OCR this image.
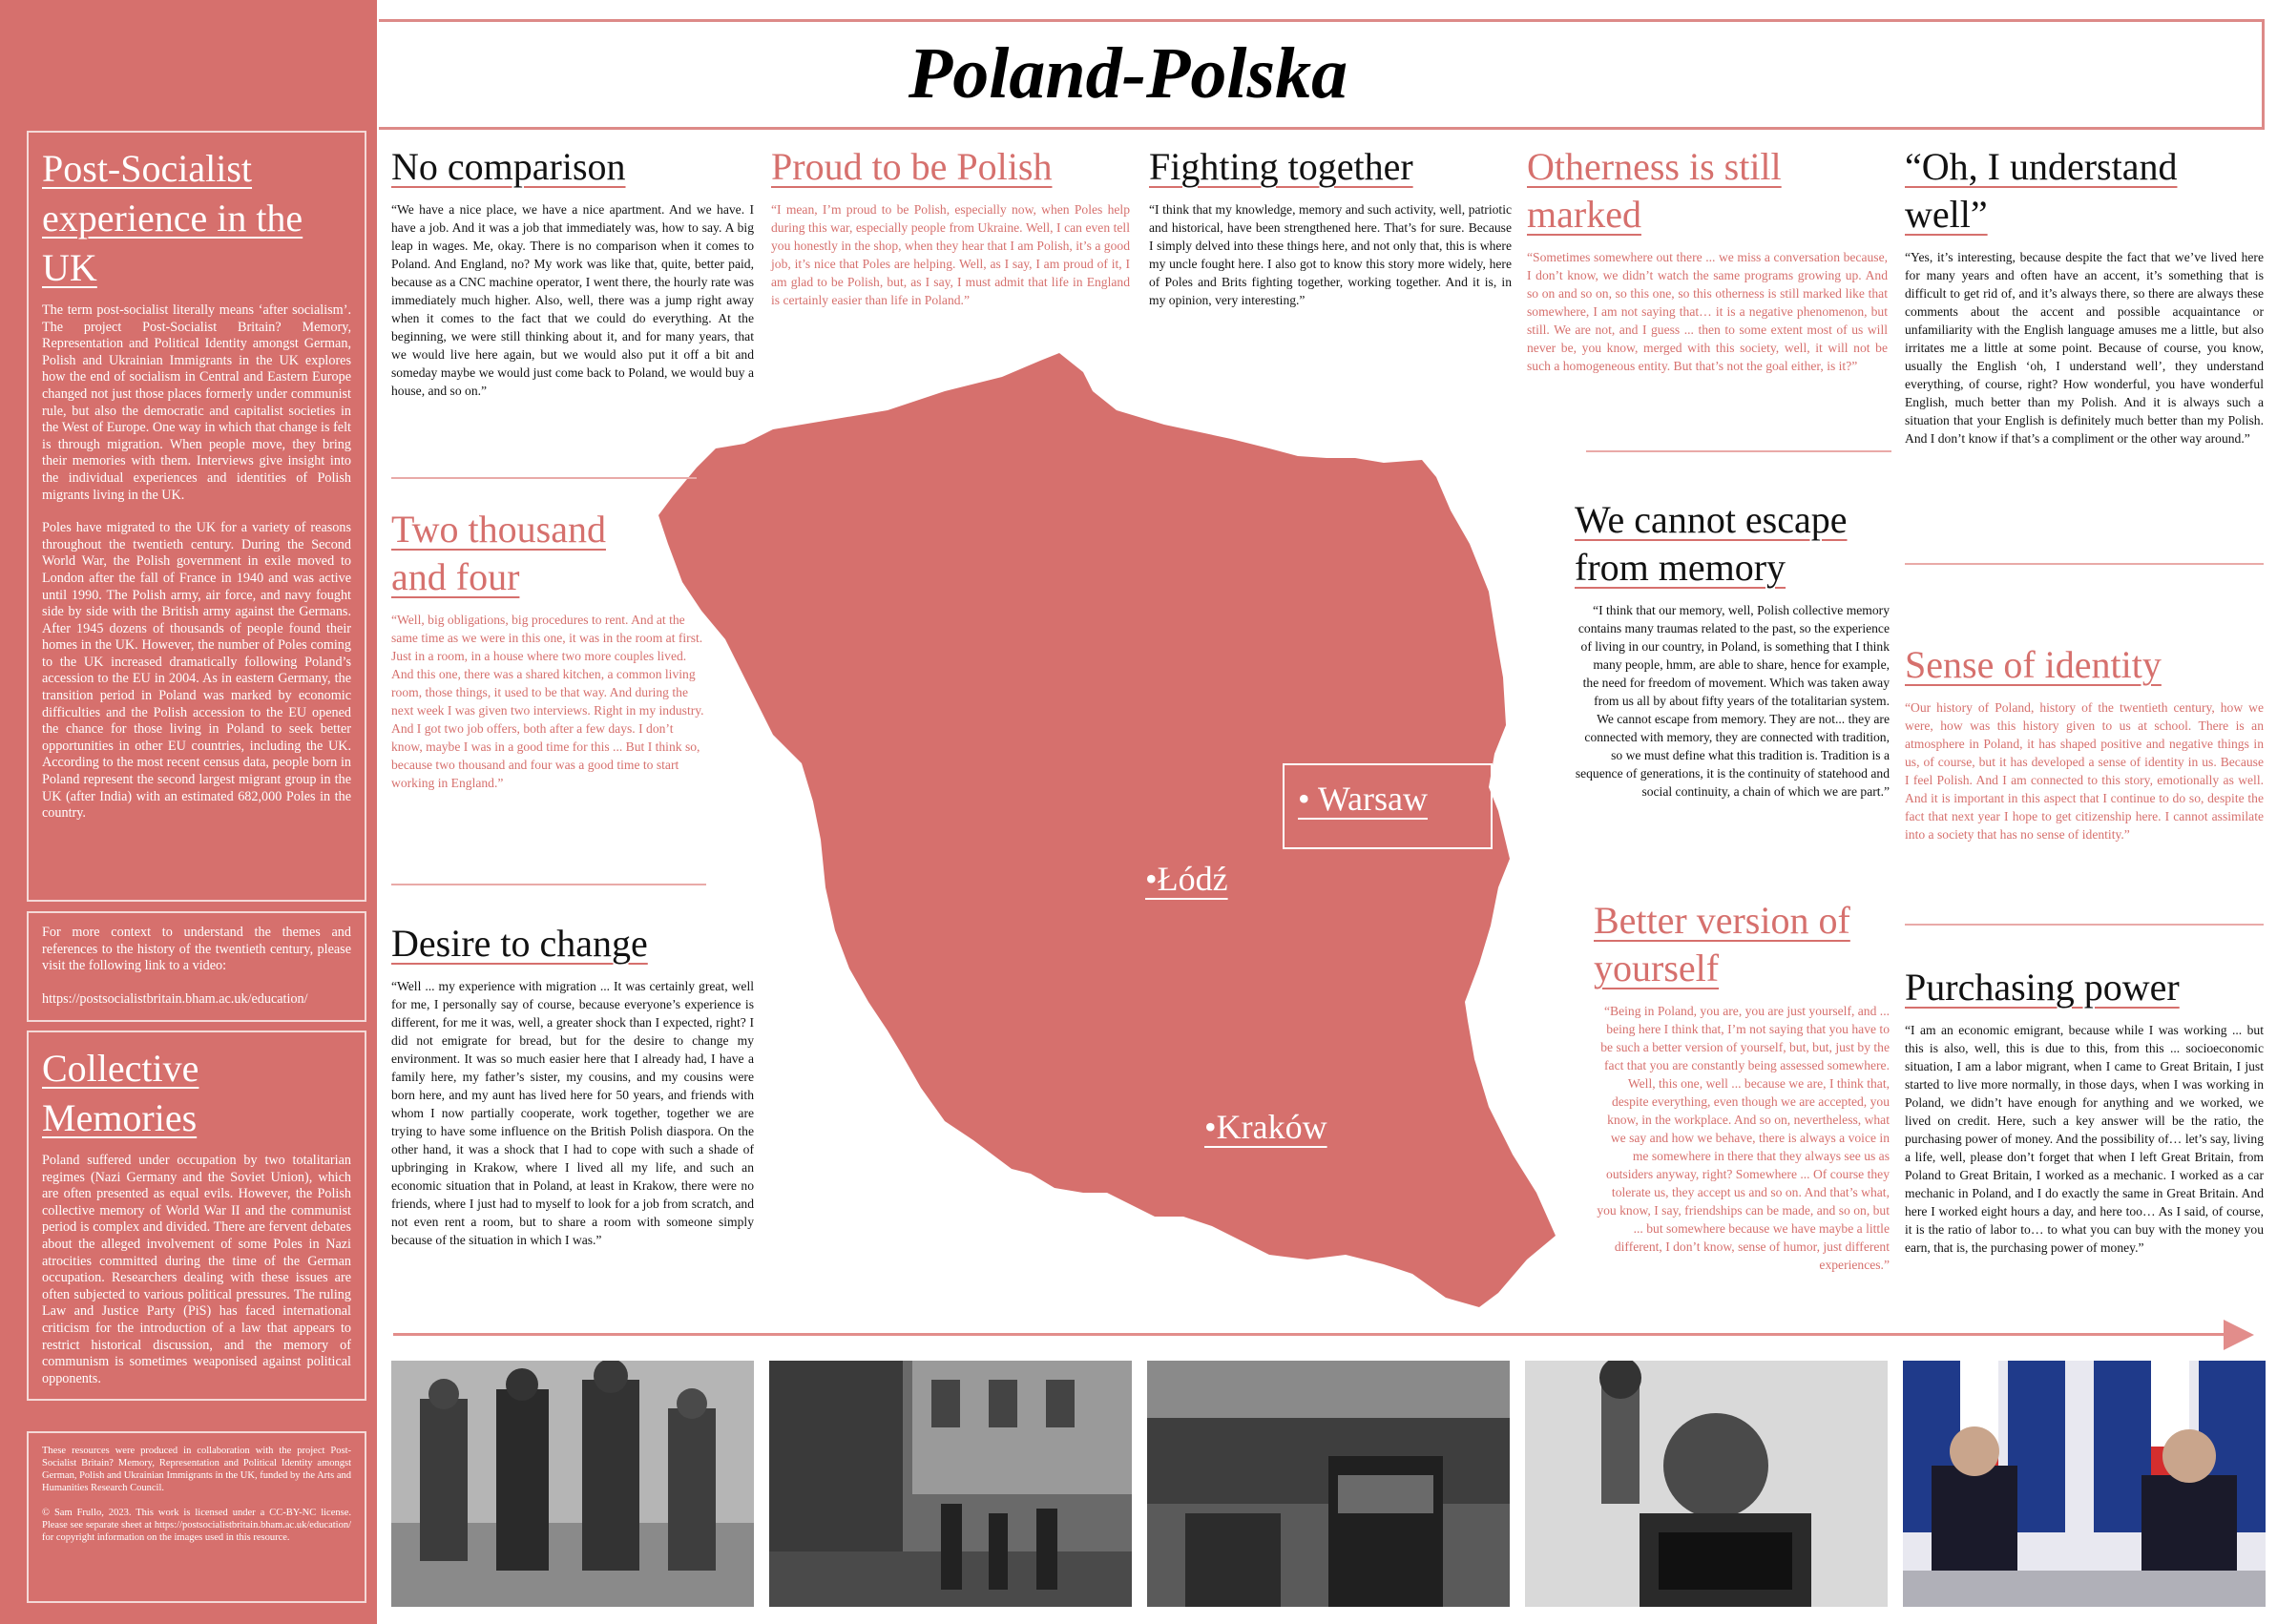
Post-Socialist experience in the UK

The term post-socialist literally means ‘after socialism’. The project Post-Socialist Britain? Memory, Representation and Political Identity amongst German, Polish and Ukrainian Immigrants in the UK explores how the end of socialism in Central and Eastern Europe changed not just those places formerly under communist rule, but also the democratic and capitalist societies in the West of Europe. One way in which that change is felt is through migration. When people move, they bring their memories with them. Interviews give insight into the individual experiences and identities of Polish migrants living in the UK.

Poles have migrated to the UK for a variety of reasons throughout the twentieth century. During the Second World War, the Polish government in exile moved to London after the fall of France in 1940 and was active until 1990. The Polish army, air force, and navy fought side by side with the British army against the Germans. After 1945 dozens of thousands of people found their homes in the UK. However, the number of Poles coming to the UK increased dramatically following Poland’s accession to the EU in 2004. As in eastern Germany, the transition period in Poland was marked by economic difficulties and the Polish accession to the EU opened the chance for those living in Poland to seek better opportunities in other EU countries, including the UK. According to the most recent census data, people born in Poland represent the second largest migrant group in the UK (after India) with an estimated 682,000 Poles in the country.

For more context to understand the themes and references to the history of the twentieth century, please visit the following link to a video:

https://postsocialistbritain.bham.ac.uk/education/

Collective Memories

Poland suffered under occupation by two totalitarian regimes (Nazi Germany and the Soviet Union), which are often presented as equal evils. However, the Polish collective memory of World War II and the communist period is complex and divided. There are fervent debates about the alleged involvement of some Poles in Nazi atrocities committed during the time of the German occupation. Researchers dealing with these issues are often subjected to various political pressures. The ruling Law and Justice Party (PiS) has faced international criticism for the introduction of a law that appears to restrict historical discussion, and the memory of communism is sometimes weaponised against political opponents.

These resources were produced in collaboration with the project Post-Socialist Britain? Memory, Representation and Political Identity amongst German, Polish and Ukrainian Immigrants in the UK, funded by the Arts and Humanities Research Council.

© Sam Frullo, 2023. This work is licensed under a CC-BY-NC license. Please see separate sheet at https://postsocialistbritain.bham.ac.uk/education/ for copyright information on the images used in this resource.

Poland-Polska
• Warsaw
•Łódź
•Kraków
No comparison

“We have a nice place, we have a nice apartment. And we have. I have a job. And it was a job that immediately was, how to say. A big leap in wages. Me, okay. There is no comparison when it comes to Poland. And England, no? My work was like that, quite, better paid, because as a CNC machine operator, I went there, the hourly rate was immediately much higher. Also, well, there was a jump right away when it comes to the fact that we could do everything. At the beginning, we were still thinking about it, and for many years, that we would live here again, but we would also put it off a bit and someday maybe we would just come back to Poland, we would buy a house, and so on.”

Proud to be Polish

“I mean, I’m proud to be Polish, especially now, when Poles help during this war, especially people from Ukraine. Well, I can even tell you honestly in the shop, when they hear that I am Polish, it’s a good job, it’s nice that Poles are helping. Well, as I say, I am proud of it, I am glad to be Polish, but, as I say, I must admit that life in England is certainly easier than life in Poland.”

Fighting together

“I think that my knowledge, memory and such activity, well, patriotic and historical, have been strengthened here. That’s for sure. Because I simply delved into these things here, and not only that, this is where my uncle fought here. I also got to know this story more widely, here of Poles and Brits fighting together, working together. And it is, in my opinion, very interesting.”

Otherness is still marked

“Sometimes somewhere out there ... we miss a conversation because, I don’t know, we didn’t watch the same programs growing up. And so on and so on, so this one, so this otherness is still marked like that somewhere, I am not saying that… it is a negative phenomenon, but still. We are not, and I guess ... then to some extent most of us will never be, you know, merged with this society, well, it will not be such a homogeneous entity. But that’s not the goal either, is it?”

“Oh, I understand well”

“Yes, it’s interesting, because despite the fact that we’ve lived here for many years and often have an accent, it’s something that is difficult to get rid of, and it’s always there, so there are always these comments about the accent and possible acquaintance or unfamiliarity with the English language amuses me a little, but also irritates me a little at some point. Because of course, you know, usually the English ‘oh, I understand well’, they understand everything, of course, right? How wonderful, you have wonderful English, much better than my Polish. And it is always such a situation that your English is definitely much better than my Polish. And I don’t know if that’s a compliment or the other way around.”

Two thousand and four

“Well, big obligations, big procedures to rent. And at the same time as we were in this one, it was in the room at first. Just in a room, in a house where two more couples lived. And this one, there was a shared kitchen, a common living room, those things, it used to be that way. And during the next week I was given two interviews. Right in my industry. And I got two job offers, both after a few days. I don’t know, maybe I was in a good time for this ... But I think so, because two thousand and four was a good time to start working in England.”

We cannot escape from memory

“I think that our memory, well, Polish collective memory contains many traumas related to the past, so the experience of living in our country, in Poland, is something that I think many people, hmm, are able to share, hence for example, the need for freedom of movement. Which was taken away from us all by about fifty years of the totalitarian system. We cannot escape from memory. They are not... they are connected with memory, they are connected with tradition, so we must define what this tradition is. Tradition is a sequence of generations, it is the continuity of statehood and social continuity, a chain of which we are part.”

Sense of identity

“Our history of Poland, history of the twentieth century, how we were, how was this history given to us at school. There is an atmosphere in Poland, it has shaped positive and negative things in us, of course, but it has developed a sense of identity in us. Because I feel Polish. And I am connected to this story, emotionally as well. And it is important in this aspect that I continue to do so, despite the fact that next year I hope to get citizenship here. I cannot assimilate into a society that has no sense of identity.”

Desire to change

“Well ... my experience with migration ... It was certainly great, well for me, I personally say of course, because everyone’s experience is different, for me it was, well, a greater shock than I expected, right? I did not emigrate for bread, but for the desire to change my environment. It was so much easier here that I already had, I have a family here, my father’s sister, my cousins, and my cousins were born here, and my aunt has lived here for 50 years, and friends with whom I now partially cooperate, work together, together we are trying to have some influence on the British Polish diaspora. On the other hand, it was a shock that I had to cope with such a shade of upbringing in Krakow, where I lived all my life, and such an economic situation that in Poland, at least in Krakow, there were no friends, where I just had to myself to look for a job from scratch, and not even rent a room, but to share a room with someone simply because of the situation in which I was.”

Better version of yourself

“Being in Poland, you are, you are just yourself, and ... being here I think that, I’m not saying that you have to be such a better version of yourself, but, but, just by the fact that you are constantly being assessed somewhere. Well, this one, well ... because we are, I think that, despite everything, even though we are accepted, you know, in the workplace. And so on, nevertheless, what we say and how we behave, there is always a voice in me somewhere in there that they always see us as outsiders anyway, right? Somewhere ... Of course they tolerate us, they accept us and so on. And that’s what, you know, I say, friendships can be made, and so on, but ... but somewhere because we have maybe a little different, I don’t know, sense of humor, just different experiences.”

Purchasing power

“I am an economic emigrant, because while I was working ... but this is also, well, this is due to this, from this ... socioeconomic situation, I am a labor migrant, when I came to Great Britain, I just started to live more normally, in those days, when I was working in Poland, we didn’t have enough for anything and we worked, we lived on credit. Here, such a key answer will be the ratio, the purchasing power of money. And the possibility of… let’s say, living a life, well, please don’t forget that when I left Great Britain, from Poland to Great Britain, I worked as a mechanic. I worked as a car mechanic in Poland, and I do exactly the same in Great Britain. And here I worked eight hours a day, and here too… As I said, of course, it is the ratio of labor to… to what you can buy with the money you earn, that is, the purchasing power of money.”
